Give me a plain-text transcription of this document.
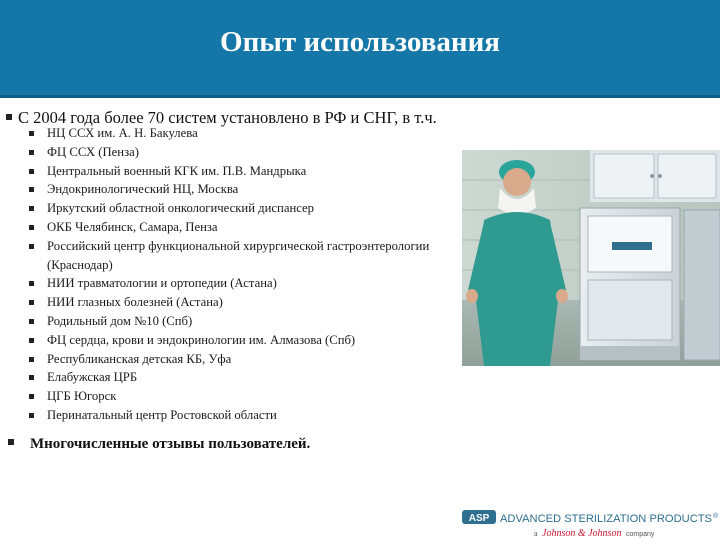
Опыт использования
С 2004 года более 70 систем установлено в РФ и СНГ, в т.ч.
НЦ ССХ им. А. Н. Бакулева
ФЦ ССХ (Пенза)
Центральный военный КГК им. П.В. Мандрыка
Эндокринологический НЦ, Москва
Иркутский областной онкологический диспансер
ОКБ Челябинск, Самара, Пенза
Российский центр функциональной хирургической гастроэнтерологии
(Краснодар)
НИИ травматологии и ортопедии (Астана)
НИИ глазных болезней (Астана)
Родильный дом №10 (Спб)
ФЦ сердца, крови и эндокринологии им. Алмазова (Спб)
Республиканская детская КБ, Уфа
Елабужская ЦРБ
ЦГБ Югорск
Перинатальный центр Ростовской области
Многочисленные отзывы пользователей.
ASP ADVANCED STERILIZATION PRODUCTS ®
a Johnson & Johnson company
